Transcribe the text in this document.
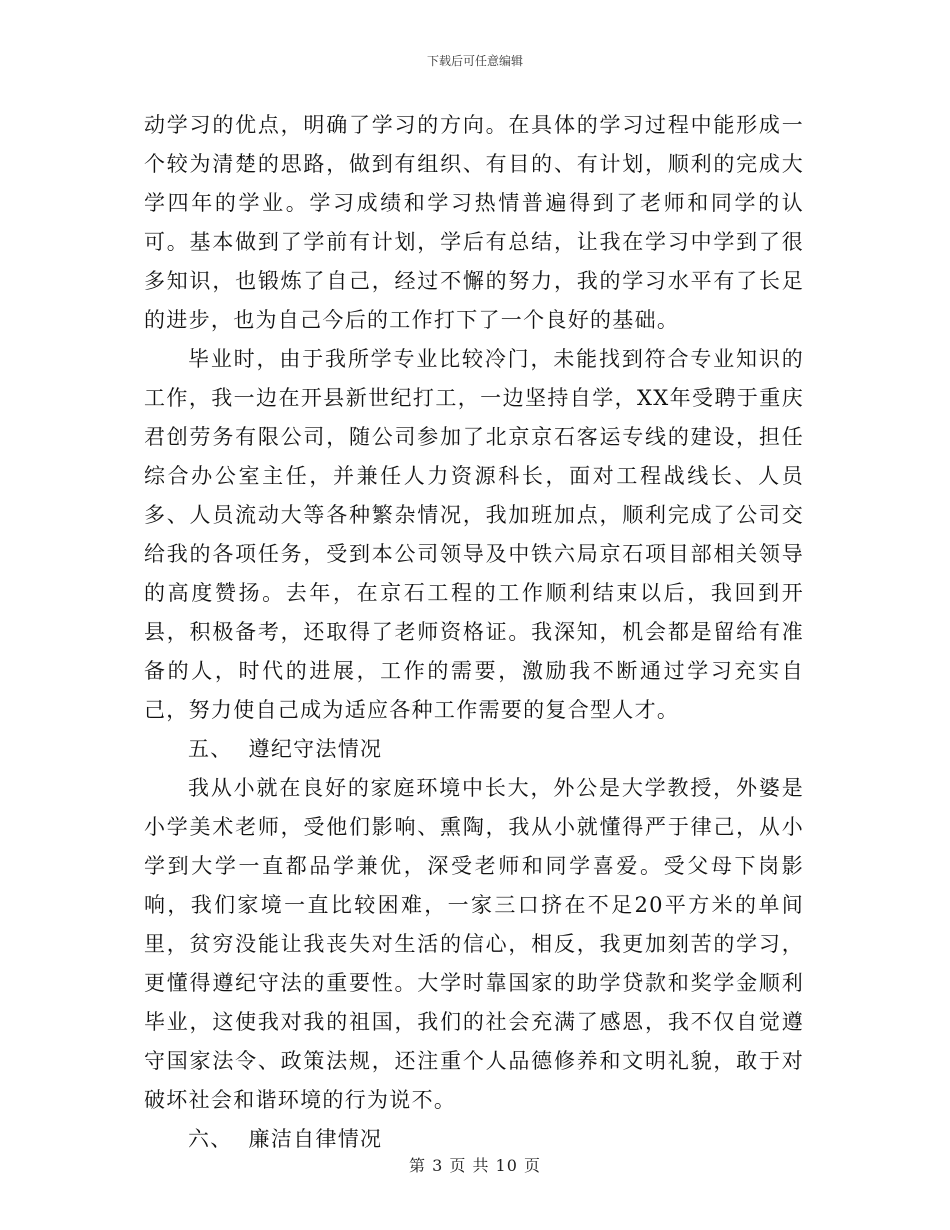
下载后可任意编辑

动学习的优点，明确了学习的方向。在具体的学习过程中能形成一个较为清楚的思路，做到有组织、有目的、有计划，顺利的完成大学四年的学业。学习成绩和学习热情普遍得到了老师和同学的认可。基本做到了学前有计划，学后有总结，让我在学习中学到了很多知识，也锻炼了自己，经过不懈的努力，我的学习水平有了长足的进步，也为自己今后的工作打下了一个良好的基础。

毕业时，由于我所学专业比较冷门，未能找到符合专业知识的工作，我一边在开县新世纪打工，一边坚持自学，XX年受聘于重庆君创劳务有限公司，随公司参加了北京京石客运专线的建设，担任综合办公室主任，并兼任人力资源科长，面对工程战线长、人员多、人员流动大等各种繁杂情况，我加班加点，顺利完成了公司交给我的各项任务，受到本公司领导及中铁六局京石项目部相关领导的高度赞扬。去年，在京石工程的工作顺利结束以后，我回到开县，积极备考，还取得了老师资格证。我深知，机会都是留给有准备的人，时代的进展，工作的需要，激励我不断通过学习充实自己，努力使自己成为适应各种工作需要的复合型人才。

五、  遵纪守法情况

我从小就在良好的家庭环境中长大，外公是大学教授，外婆是小学美术老师，受他们影响、熏陶，我从小就懂得严于律己，从小学到大学一直都品学兼优，深受老师和同学喜爱。受父母下岗影响，我们家境一直比较困难，一家三口挤在不足20平方米的单间里，贫穷没能让我丧失对生活的信心，相反，我更加刻苦的学习，更懂得遵纪守法的重要性。大学时靠国家的助学贷款和奖学金顺利毕业，这使我对我的祖国，我们的社会充满了感恩，我不仅自觉遵守国家法令、政策法规，还注重个人品德修养和文明礼貌，敢于对破坏社会和谐环境的行为说不。

六、  廉洁自律情况

第 3 页 共 10 页
